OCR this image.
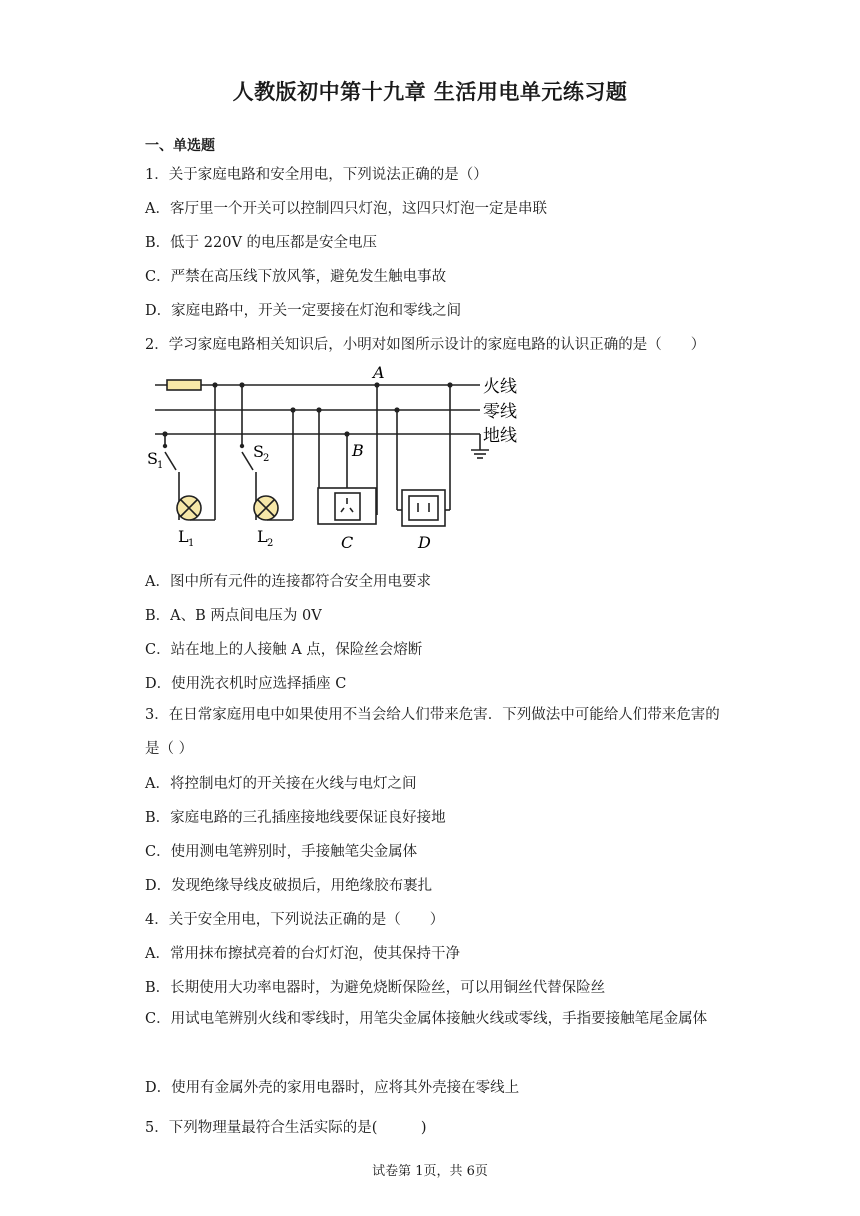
人教版初中第十九章 生活用电单元练习题
一、单选题
1．关于家庭电路和安全用电，下列说法正确的是（）
A．客厅里一个开关可以控制四只灯泡，这四只灯泡一定是串联
B．低于 220V 的电压都是安全电压
C．严禁在高压线下放风筝，避免发生触电事故
D．家庭电路中，开关一定要接在灯泡和零线之间
2．学习家庭电路相关知识后，小明对如图所示设计的家庭电路的认识正确的是（　　）
火线
零线
地线
A
B
S 1
S 2
L 1	L 2	C	D
A．图中所有元件的连接都符合安全用电要求
B．A、B 两点间电压为 0V
C．站在地上的人接触 A 点，保险丝会熔断
D．使用洗衣机时应选择插座 C
3．在日常家庭用电中如果使用不当会给人们带来危害．下列做法中可能给人们带来危害的是（ ）
A．将控制电灯的开关接在火线与电灯之间
B．家庭电路的三孔插座接地线要保证良好接地
C．使用测电笔辨别时，手接触笔尖金属体
D．发现绝缘导线皮破损后，用绝缘胶布裹扎
4．关于安全用电，下列说法正确的是（　　）
A．常用抹布擦拭亮着的台灯灯泡，使其保持干净
B．长期使用大功率电器时，为避免烧断保险丝，可以用铜丝代替保险丝
C．用试电笔辨别火线和零线时，用笔尖金属体接触火线或零线，手指要接触笔尾金属体
D．使用有金属外壳的家用电器时，应将其外壳接在零线上
5．下列物理量最符合生活实际的是(　　　)
试卷第 1页，共 6页
